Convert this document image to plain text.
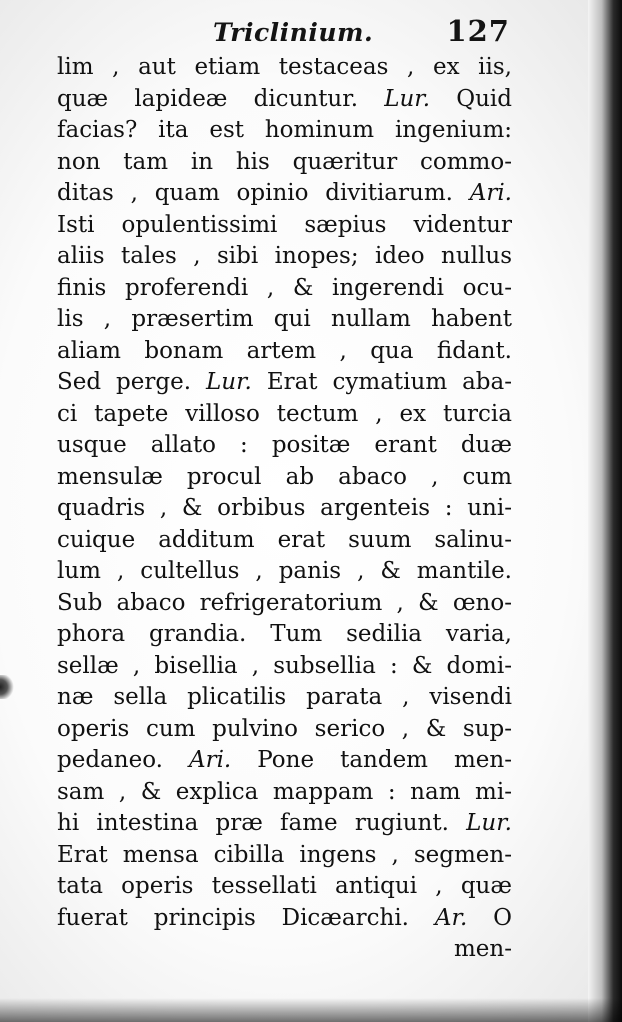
Triclinium.	127
lim , aut etiam testaceas , ex iis,
quæ lapideæ dicuntur. Lur. Quid
facias? ita est hominum ingenium:
non tam in his quæritur commo-
ditas , quam opinio divitiarum. Ari.
Isti opulentissimi sæpius videntur
aliis tales , sibi inopes; ideo nullus
finis proferendi , & ingerendi ocu-
lis , præsertim qui nullam habent
aliam bonam artem , qua fidant.
Sed perge. Lur. Erat cymatium aba-
ci tapete villoso tectum , ex turcia
usque allato : positæ erant duæ
mensulæ procul ab abaco , cum
quadris , & orbibus argenteis : uni-
cuique additum erat suum salinu-
lum , cultellus , panis , & mantile.
Sub abaco refrigeratorium , & œno-
phora grandia. Tum sedilia varia,
sellæ , bisellia , subsellia : & domi-
næ sella plicatilis parata , visendi
operis cum pulvino serico , & sup-
pedaneo. Ari. Pone tandem men-
sam , & explica mappam : nam mi-
hi intestina præ fame rugiunt. Lur.
Erat mensa cibilla ingens , segmen-
tata operis tessellati antiqui , quæ
fuerat principis Dicæarchi. Ar. O
men-
